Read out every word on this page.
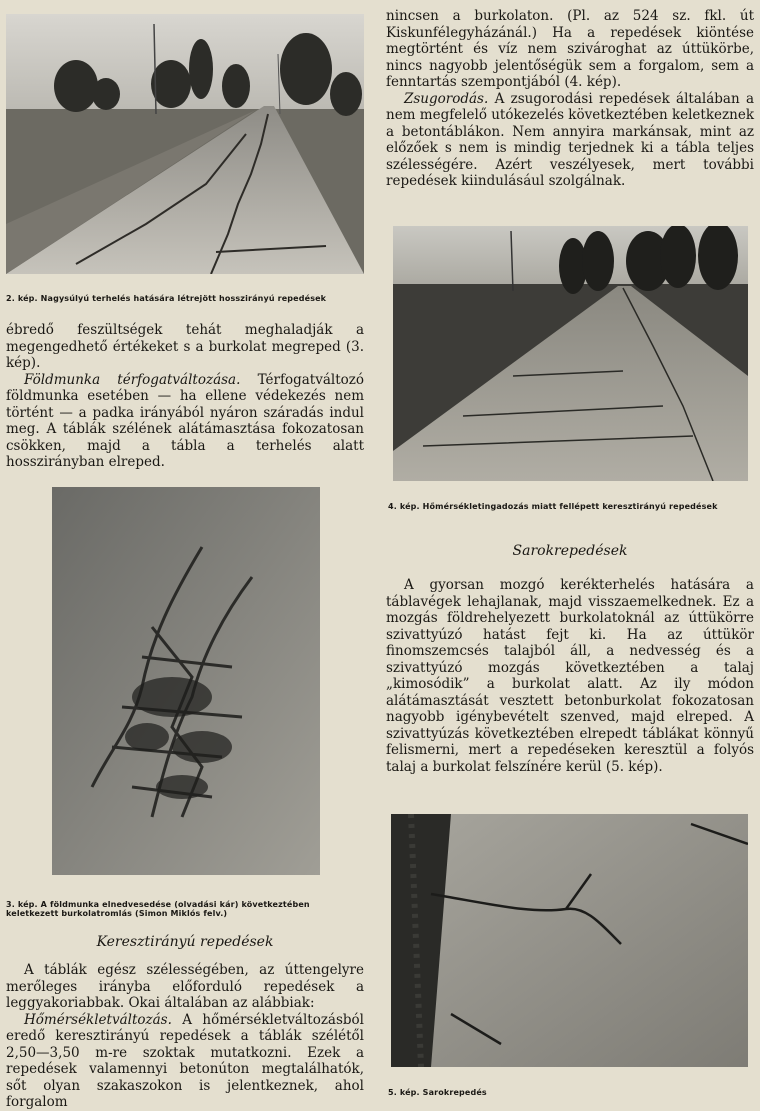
2. kép. Nagysúlyú terhelés hatására létrejött hosszirányú repedések

ébredő feszültségek tehát meghaladják a megengedhető értékeket s a burkolat megreped (3. kép).

Földmunka térfogatváltozása. Térfogatváltozó földmunka esetében — ha ellene védekezés nem történt — a padka irányából nyáron száradás indul meg. A táblák szélének alátámasztása fokozatosan csökken, majd a tábla a terhelés alatt hosszirányban elreped.

3. kép. A földmunka elnedvesedése (olvadási kár) következtében
keletkezett burkolatromlás (Simon Miklós felv.)
Keresztirányú repedések

A táblák egész szélességében, az úttengelyre merőleges irányba előforduló repedések a leggyakoriabbak. Okai általában az alábbiak:

Hőmérsékletváltozás. A hőmérsékletváltozásból eredő keresztirányú repedések a táblák szélétől 2,50—3,50 m-re szoktak mutatkozni. Ezek a repedések valamennyi betonúton megtalálhatók, sőt olyan szakaszokon is jelentkeznek, ahol forgalom

nincsen a burkolaton. (Pl. az 524 sz. fkl. út Kiskunfélegyházánál.) Ha a repedések kiöntése megtörtént és víz nem szivároghat az úttükörbe, nincs nagyobb jelentőségük sem a forgalom, sem a fenntartás szempontjából (4. kép).

Zsugorodás. A zsugorodási repedések általában a nem megfelelő utókezelés következtében keletkeznek a betontáblákon. Nem annyira markánsak, mint az előzőek s nem is mindig terjednek ki a tábla teljes szélességére. Azért veszélyesek, mert további repedések kiindulásául szolgálnak.

4. kép. Hőmérsékletingadozás miatt fellépett keresztirányú repedések
Sarokrepedések

A gyorsan mozgó kerékterhelés hatására a táblavégek lehajlanak, majd visszaemelkednek. Ez a mozgás földrehelyezett burkolatoknál az úttükörre szivattyúzó hatást fejt ki. Ha az úttükör finomszemcsés talajból áll, a nedvesség és a szivattyúzó mozgás következtében a talaj „kimosódik” a burkolat alatt. Az ily módon alátámasztását vesztett betonburkolat fokozatosan nagyobb igénybevételt szenved, majd elreped. A szivattyúzás következtében elrepedt táblákat könnyű felismerni, mert a repedéseken keresztül a folyós talaj a burkolat felszínére kerül (5. kép).

5. kép. Sarokrepedés
